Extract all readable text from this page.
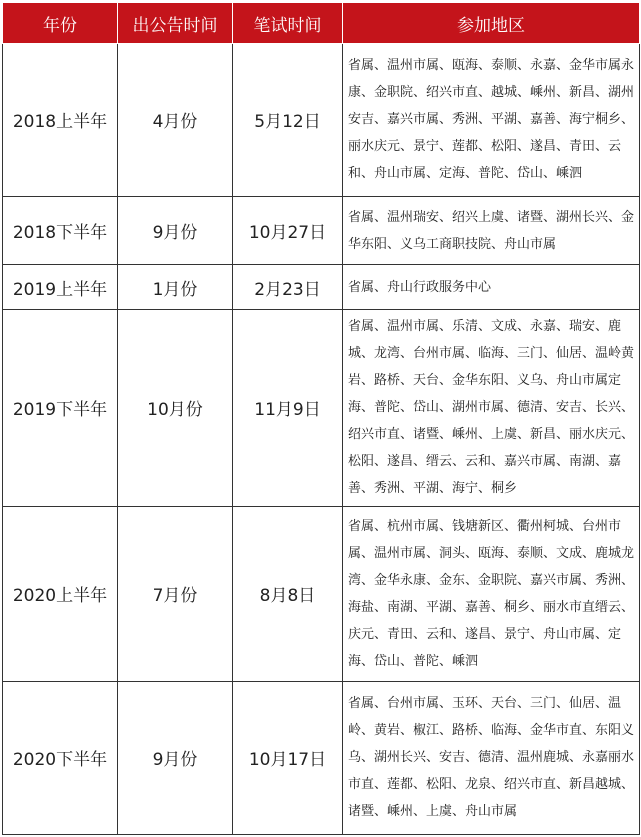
年份	出公告时间	笔试时间	参加地区
2018上半年	4月份	5月12日	省属、温州市属、瓯海、泰顺、永嘉、金华市属永康、金职院、绍兴市直、越城、嵊州、新昌、湖州安吉、嘉兴市属、秀洲、平湖、嘉善、海宁桐乡、丽水庆元、景宁、莲都、松阳、遂昌、青田、云和、舟山市属、定海、普陀、岱山、嵊泗
2018下半年	9月份	10月27日	省属、温州瑞安、绍兴上虞、诸暨、湖州长兴、金华东阳、义乌工商职技院、舟山市属
2019上半年	1月份	2月23日	省属、舟山行政服务中心
2019下半年	10月份	11月9日	省属、温州市属、乐清、文成、永嘉、瑞安、鹿城、龙湾、台州市属、临海、三门、仙居、温岭黄岩、路桥、天台、金华东阳、义乌、舟山市属定海、普陀、岱山、湖州市属、德清、安吉、长兴、绍兴市直、诸暨、嵊州、上虞、新昌、丽水庆元、松阳、遂昌、缙云、云和、嘉兴市属、南湖、嘉善、秀洲、平湖、海宁、桐乡
2020上半年	7月份	8月8日	省属、杭州市属、钱塘新区、衢州柯城、台州市属、温州市属、洞头、瓯海、泰顺、文成、鹿城龙湾、金华永康、金东、金职院、嘉兴市属、秀洲、海盐、南湖、平湖、嘉善、桐乡、丽水市直缙云、庆元、青田、云和、遂昌、景宁、舟山市属、定海、岱山、普陀、嵊泗
2020下半年	9月份	10月17日	省属、台州市属、玉环、天台、三门、仙居、温岭、黄岩、椒江、路桥、临海、金华市直、东阳义乌、湖州长兴、安吉、德清、温州鹿城、永嘉丽水市直、莲都、松阳、龙泉、绍兴市直、新昌越城、诸暨、嵊州、上虞、舟山市属
